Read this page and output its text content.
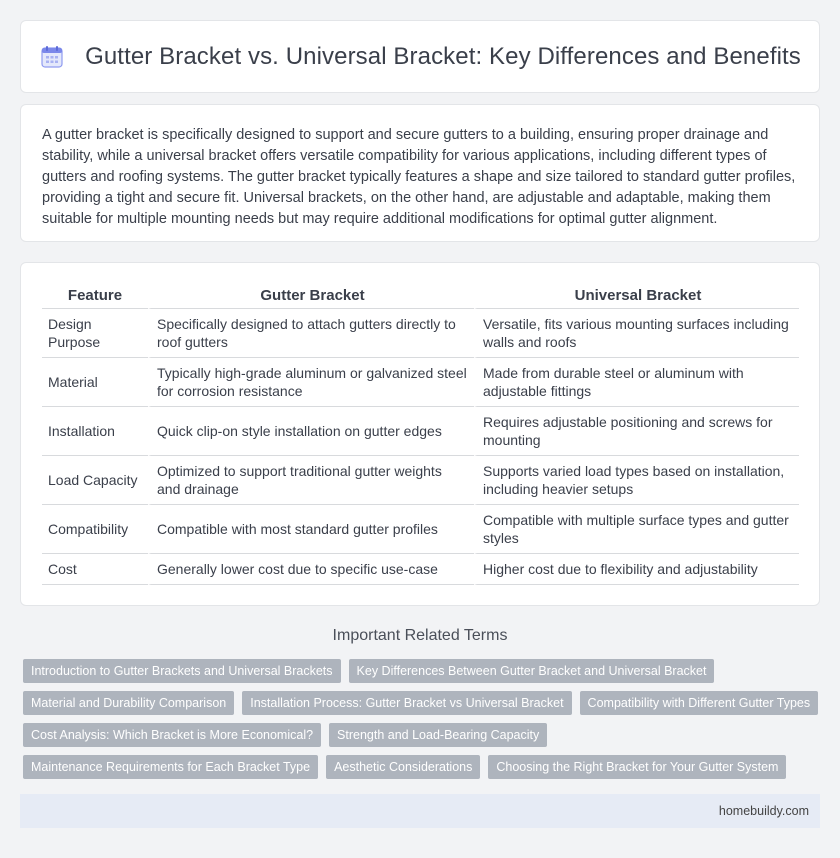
Gutter Bracket vs. Universal Bracket: Key Differences and Benefits

A gutter bracket is specifically designed to support and secure gutters to a building, ensuring proper drainage and stability, while a universal bracket offers versatile compatibility for various applications, including different types of gutters and roofing systems. The gutter bracket typically features a shape and size tailored to standard gutter profiles, providing a tight and secure fit. Universal brackets, on the other hand, are adjustable and adaptable, making them suitable for multiple mounting needs but may require additional modifications for optimal gutter alignment.

Feature	Gutter Bracket	Universal Bracket
Design Purpose	Specifically designed to attach gutters directly to roof gutters	Versatile, fits various mounting surfaces including walls and roofs
Material	Typically high-grade aluminum or galvanized steel for corrosion resistance	Made from durable steel or aluminum with adjustable fittings
Installation	Quick clip-on style installation on gutter edges	Requires adjustable positioning and screws for mounting
Load Capacity	Optimized to support traditional gutter weights and drainage	Supports varied load types based on installation, including heavier setups
Compatibility	Compatible with most standard gutter profiles	Compatible with multiple surface types and gutter styles
Cost	Generally lower cost due to specific use-case	Higher cost due to flexibility and adjustability
Important Related Terms
Introduction to Gutter Brackets and Universal Brackets	Key Differences Between Gutter Bracket and Universal Bracket
Material and Durability Comparison	Installation Process: Gutter Bracket vs Universal Bracket	Compatibility with Different Gutter Types
Cost Analysis: Which Bracket is More Economical?	Strength and Load-Bearing Capacity
Maintenance Requirements for Each Bracket Type	Aesthetic Considerations	Choosing the Right Bracket for Your Gutter System
homebuildy.com
